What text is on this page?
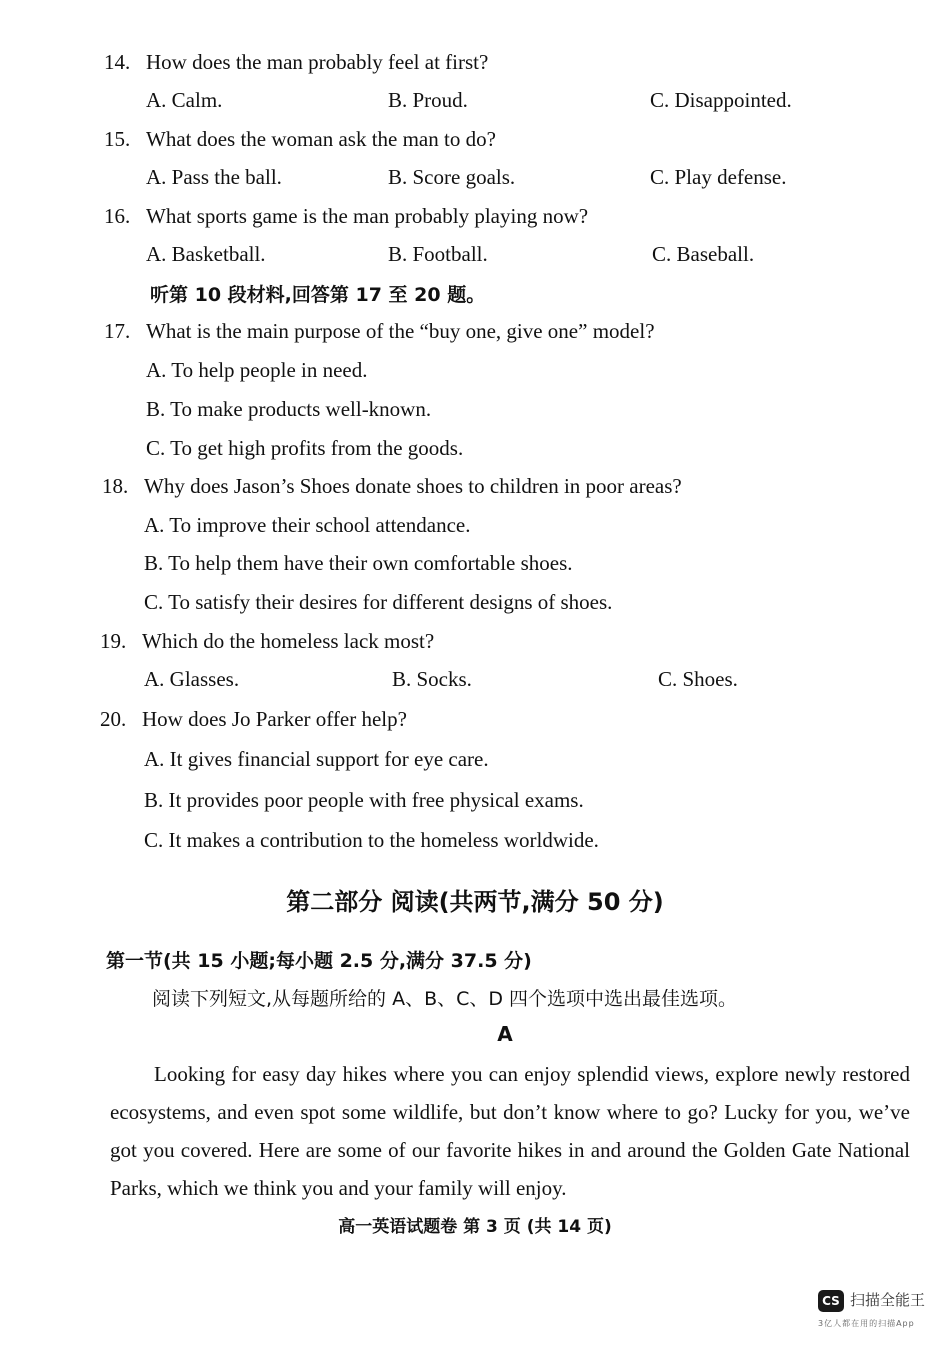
14. How does the man probably feel at first?
A. Calm.	B. Proud.	C. Disappointed.
15. What does the woman ask the man to do?
A. Pass the ball.	B. Score goals.	C. Play defense.
16. What sports game is the man probably playing now?
A. Basketball.	B. Football.	C. Baseball.
听第 10 段材料,回答第 17 至 20 题。
17. What is the main purpose of the “buy one, give one” model?
A. To help people in need.
B. To make products well-known.
C. To get high profits from the goods.
18. Why does Jason’s Shoes donate shoes to children in poor areas?
A. To improve their school attendance.
B. To help them have their own comfortable shoes.
C. To satisfy their desires for different designs of shoes.
19. Which do the homeless lack most?
A. Glasses.	B. Socks.	C. Shoes.
20. How does Jo Parker offer help?
A. It gives financial support for eye care.
B. It provides poor people with free physical exams.
C. It makes a contribution to the homeless worldwide.
第二部分 阅读(共两节,满分 50 分)
第一节(共 15 小题;每小题 2.5 分,满分 37.5 分)
阅读下列短文,从每题所给的 A、B、C、D 四个选项中选出最佳选项。
A

Looking for easy day hikes where you can enjoy splendid views, explore newly restored ecosystems, and even spot some wildlife, but don’t know where to go? Lucky for you, we’ve got you covered. Here are some of our favorite hikes in and around the Golden Gate National Parks, which we think you and your family will enjoy.

高一英语试题卷 第 3 页 (共 14 页)
CS 扫描全能王
3亿人都在用的扫描App
